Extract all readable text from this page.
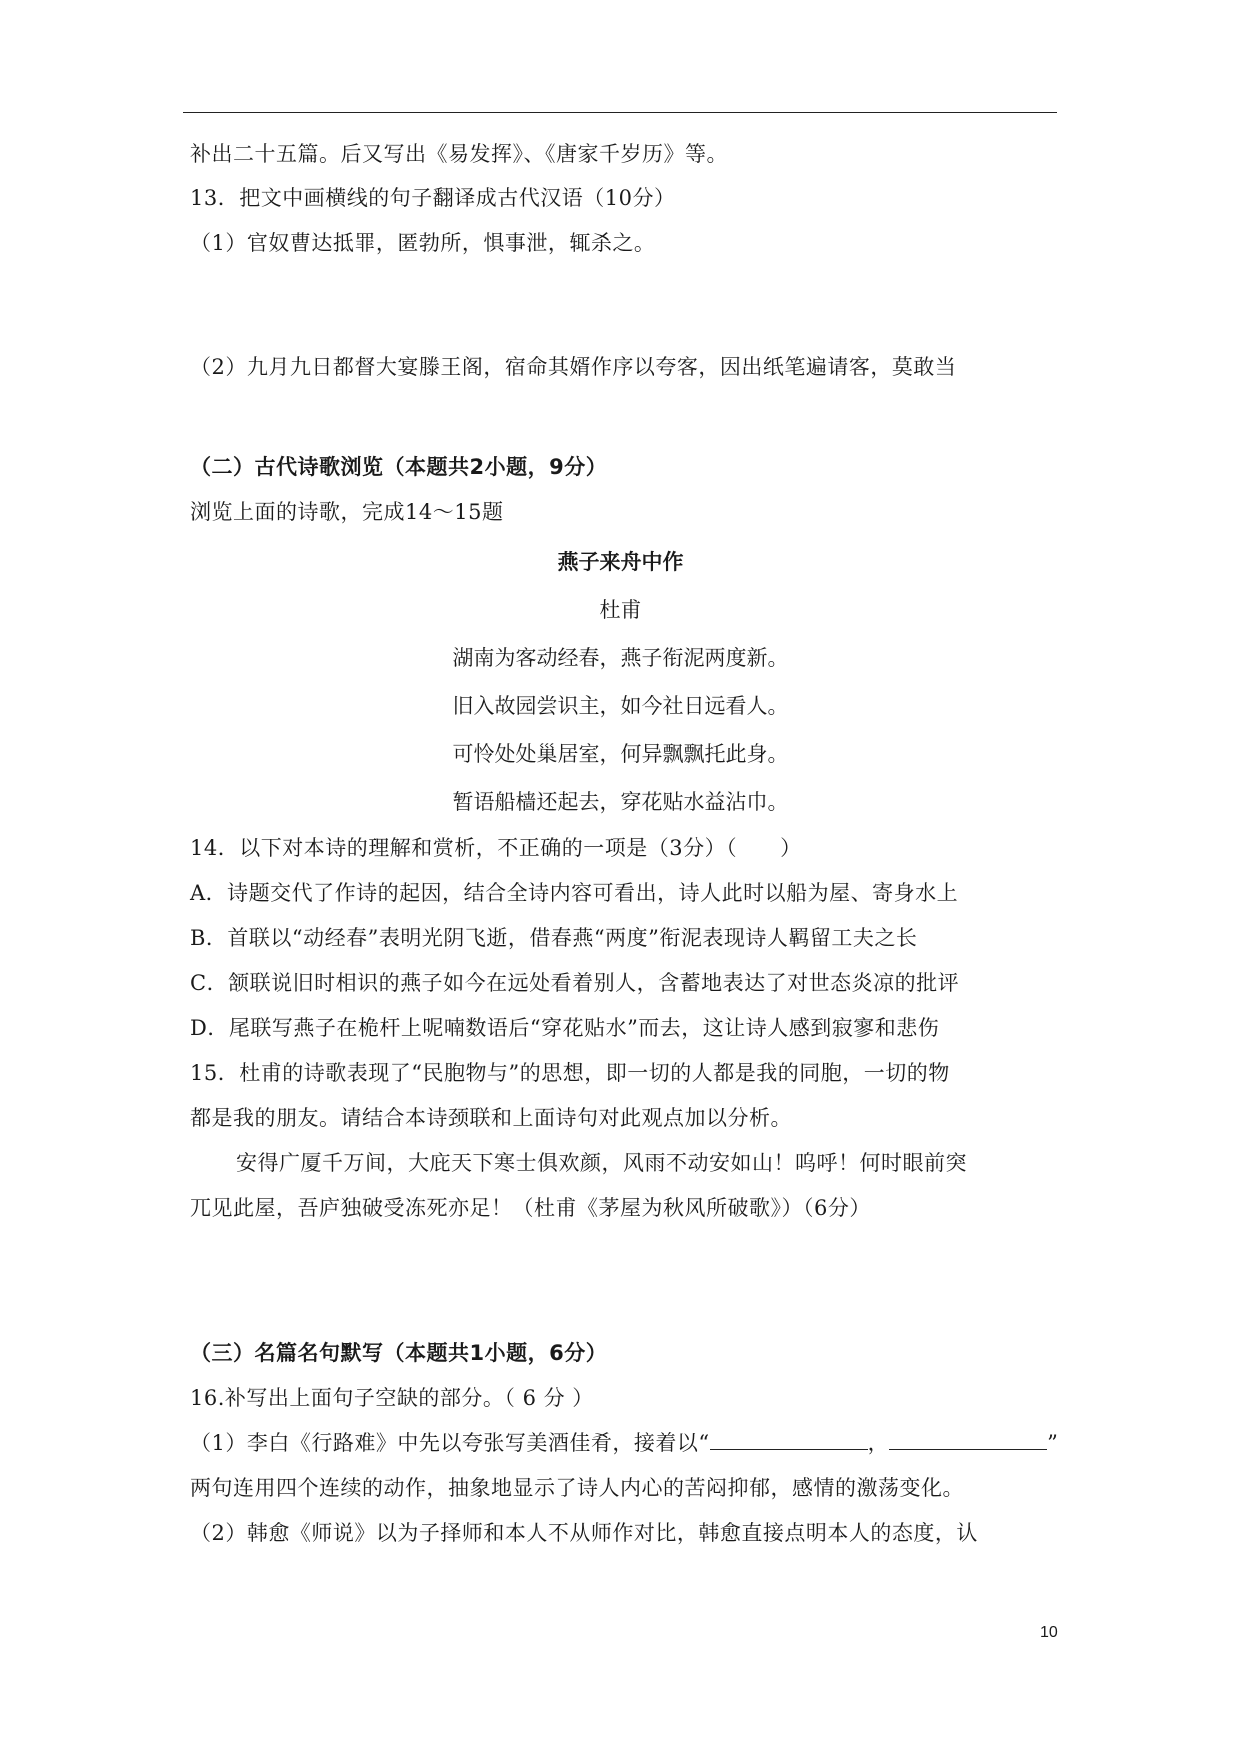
补出二十五篇。后又写出《易发挥》、《唐家千岁历》等。
13．把文中画横线的句子翻译成古代汉语（10分）
（1）官奴曹达抵罪，匿勃所，惧事泄，辄杀之。
（2）九月九日都督大宴滕王阁，宿命其婿作序以夸客，因出纸笔遍请客，莫敢当
（二）古代诗歌浏览（本题共2小题，9分）
浏览上面的诗歌，完成14～15题
燕子来舟中作
杜甫
湖南为客动经春，燕子衔泥两度新。
旧入故园尝识主，如今社日远看人。
可怜处处巢居室，何异飘飘托此身。
暂语船樯还起去，穿花贴水益沾巾。
14．以下对本诗的理解和赏析，不正确的一项是（3分）（　　）
A．诗题交代了作诗的起因，结合全诗内容可看出，诗人此时以船为屋、寄身水上
B．首联以“动经春”表明光阴飞逝，借春燕“两度”衔泥表现诗人羁留工夫之长
C．颔联说旧时相识的燕子如今在远处看着别人，含蓄地表达了对世态炎凉的批评
D．尾联写燕子在桅杆上呢喃数语后“穿花贴水”而去，这让诗人感到寂寥和悲伤
15．杜甫的诗歌表现了“民胞物与”的思想，即一切的人都是我的同胞，一切的物
都是我的朋友。请结合本诗颈联和上面诗句对此观点加以分析。
安得广厦千万间，大庇天下寒士俱欢颜，风雨不动安如山！呜呼！何时眼前突
兀见此屋，吾庐独破受冻死亦足！（杜甫《茅屋为秋风所破歌》）（6分）
（三）名篇名句默写（本题共1小题，6分）
16.补写出上面句子空缺的部分。（ 6 分 ）
（1）李白《行路难》中先以夸张写美酒佳肴，接着以“	，	”
两句连用四个连续的动作，抽象地显示了诗人内心的苦闷抑郁，感情的激荡变化。
（2）韩愈《师说》以为子择师和本人不从师作对比，韩愈直接点明本人的态度，认
10
